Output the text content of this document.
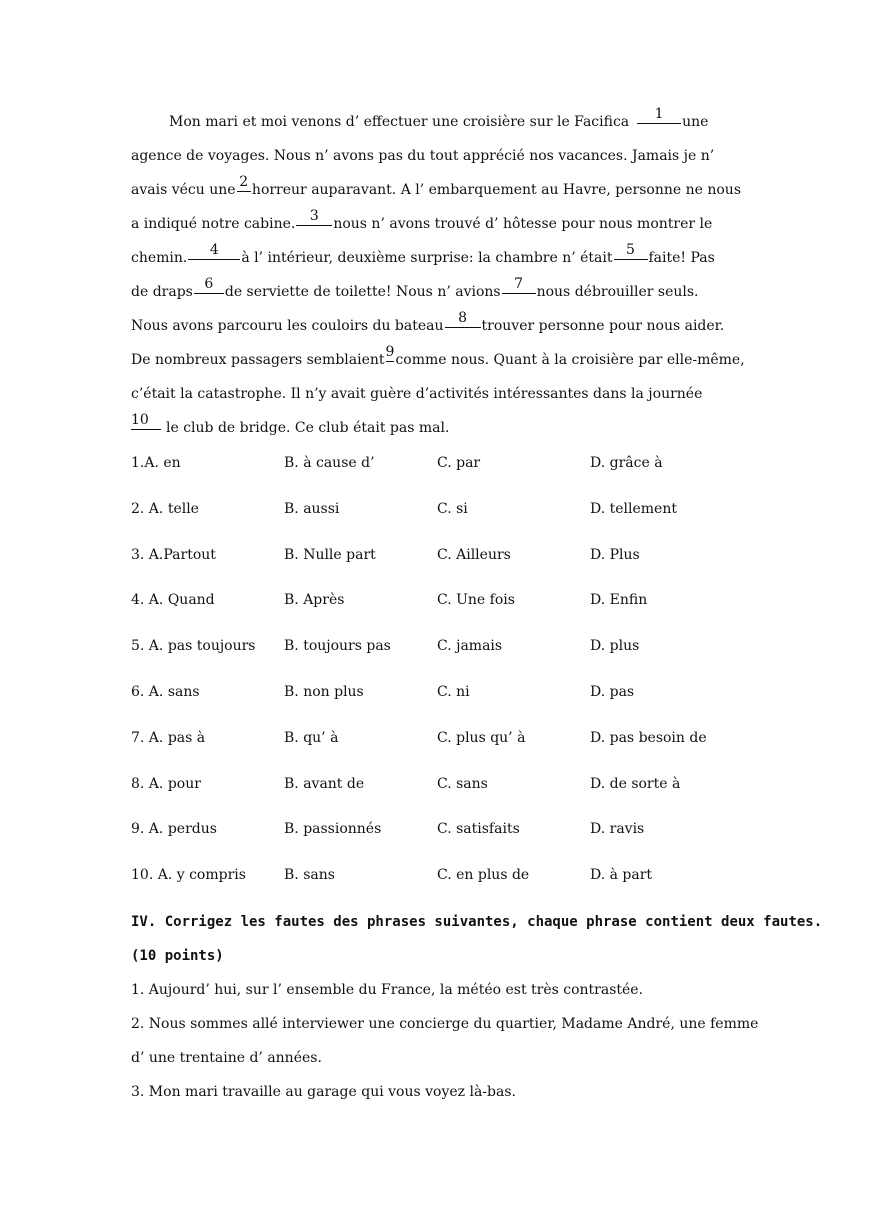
Mon mari et moi venons d’ effectuer une croisière sur le Facifica	1	une
agence de voyages. Nous n’ avons pas du tout apprécié nos vacances. Jamais je n’
avais vécu une 2 horreur auparavant. A l’ embarquement au Havre, personne ne nous
a indiqué notre cabine.	3	nous n’ avons trouvé d’ hôtesse pour nous montrer le
chemin.	4	à l’ intérieur, deuxième surprise: la chambre n’ était 5 faite! Pas
de draps 6 de serviette de toilette! Nous n’ avions 7 nous débrouiller seuls.
Nous avons parcouru les couloirs du bateau	8	trouver personne pour nous aider.
De nombreux passagers semblaient 9 comme nous. Quant à la croisière par elle-même,
c’était la catastrophe. Il n’y avait guère d’activités intéressantes dans la journée
10	le club de bridge. Ce club était pas mal.
1.A. en	B. à cause d’	C. par	D. grâce à
2. A. telle	B. aussi	C. si	D. tellement
3. A.Partout	B. Nulle part	C. Ailleurs	D. Plus
4. A. Quand	B. Après	C. Une fois	D. Enfin
5. A. pas toujours B. toujours pas	C. jamais	D. plus
6. A. sans	B. non plus	C. ni	D. pas
7. A. pas à	B. qu’ à	C. plus qu’ à	D. pas besoin de
8. A. pour	B. avant de	C. sans	D. de sorte à
9. A. perdus	B. passionnés	C. satisfaits	D. ravis
10. A. y compris	B. sans	C. en plus de	D. à part
IV. Corrigez les fautes des phrases suivantes, chaque phrase contient deux fautes.
(10 points)
1. Aujourd’ hui, sur l’ ensemble du France, la météo est très contrastée.
2. Nous sommes allé interviewer une concierge du quartier, Madame André, une femme
d’ une trentaine d’ années.
3. Mon mari travaille au garage qui vous voyez là-bas.
